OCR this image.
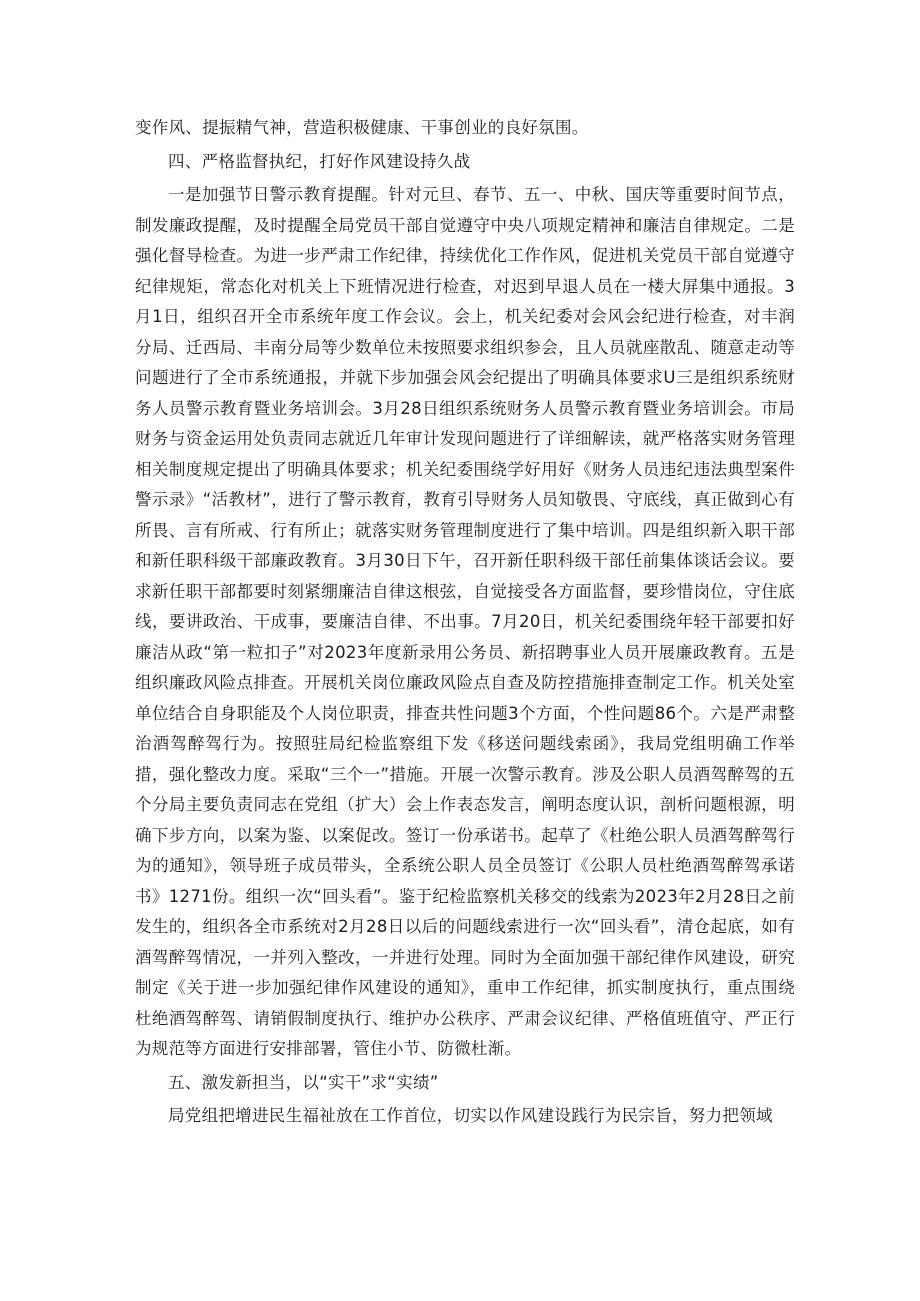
变作风、提振精气神，营造积极健康、干事创业的良好氛围。

四、严格监督执纪，打好作风建设持久战

一是加强节日警示教育提醒。针对元旦、春节、五一、中秋、国庆等重要时间节点，制发廉政提醒，及时提醒全局党员干部自觉遵守中央八项规定精神和廉洁自律规定。二是强化督导检查。为进一步严肃工作纪律，持续优化工作作风，促进机关党员干部自觉遵守纪律规矩，常态化对机关上下班情况进行检查，对迟到早退人员在一楼大屏集中通报。3月1日，组织召开全市系统年度工作会议。会上，机关纪委对会风会纪进行检查，对丰润分局、迁西局、丰南分局等少数单位未按照要求组织参会，且人员就座散乱、随意走动等问题进行了全市系统通报，并就下步加强会风会纪提出了明确具体要求U三是组织系统财务人员警示教育暨业务培训会。3月28日组织系统财务人员警示教育暨业务培训会。市局财务与资金运用处负责同志就近几年审计发现问题进行了详细解读，就严格落实财务管理相关制度规定提出了明确具体要求；机关纪委围绕学好用好《财务人员违纪违法典型案件警示录》“活教材”，进行了警示教育，教育引导财务人员知敬畏、守底线，真正做到心有所畏、言有所戒、行有所止；就落实财务管理制度进行了集中培训。四是组织新入职干部和新任职科级干部廉政教育。3月30日下午，召开新任职科级干部任前集体谈话会议。要求新任职干部都要时刻紧绷廉洁自律这根弦，自觉接受各方面监督，要珍惜岗位，守住底线，要讲政治、干成事，要廉洁自律、不出事。7月20日，机关纪委围绕年轻干部要扣好廉洁从政“第一粒扣子”对2023年度新录用公务员、新招聘事业人员开展廉政教育。五是组织廉政风险点排查。开展机关岗位廉政风险点自查及防控措施排查制定工作。机关处室单位结合自身职能及个人岗位职责，排查共性问题3个方面，个性问题86个。六是严肃整治酒驾醉驾行为。按照驻局纪检监察组下发《移送问题线索函》，我局党组明确工作举措，强化整改力度。采取“三个一”措施。开展一次警示教育。涉及公职人员酒驾醉驾的五个分局主要负责同志在党组（扩大）会上作表态发言，阐明态度认识，剖析问题根源，明确下步方向，以案为鉴、以案促改。签订一份承诺书。起草了《杜绝公职人员酒驾醉驾行为的通知》，领导班子成员带头，全系统公职人员全员签订《公职人员杜绝酒驾醉驾承诺书》1271份。组织一次“回头看”。鉴于纪检监察机关移交的线索为2023年2月28日之前发生的，组织各全市系统对2月28日以后的问题线索进行一次“回头看”，清仓起底，如有酒驾醉驾情况，一并列入整改，一并进行处理。同时为全面加强干部纪律作风建设，研究制定《关于进一步加强纪律作风建设的通知》，重申工作纪律，抓实制度执行，重点围绕杜绝酒驾醉驾、请销假制度执行、维护办公秩序、严肃会议纪律、严格值班值守、严正行为规范等方面进行安排部署，管住小节、防微杜渐。

五、激发新担当，以“实干”求“实绩”

局党组把增进民生福祉放在工作首位，切实以作风建设践行为民宗旨，努力把领域
